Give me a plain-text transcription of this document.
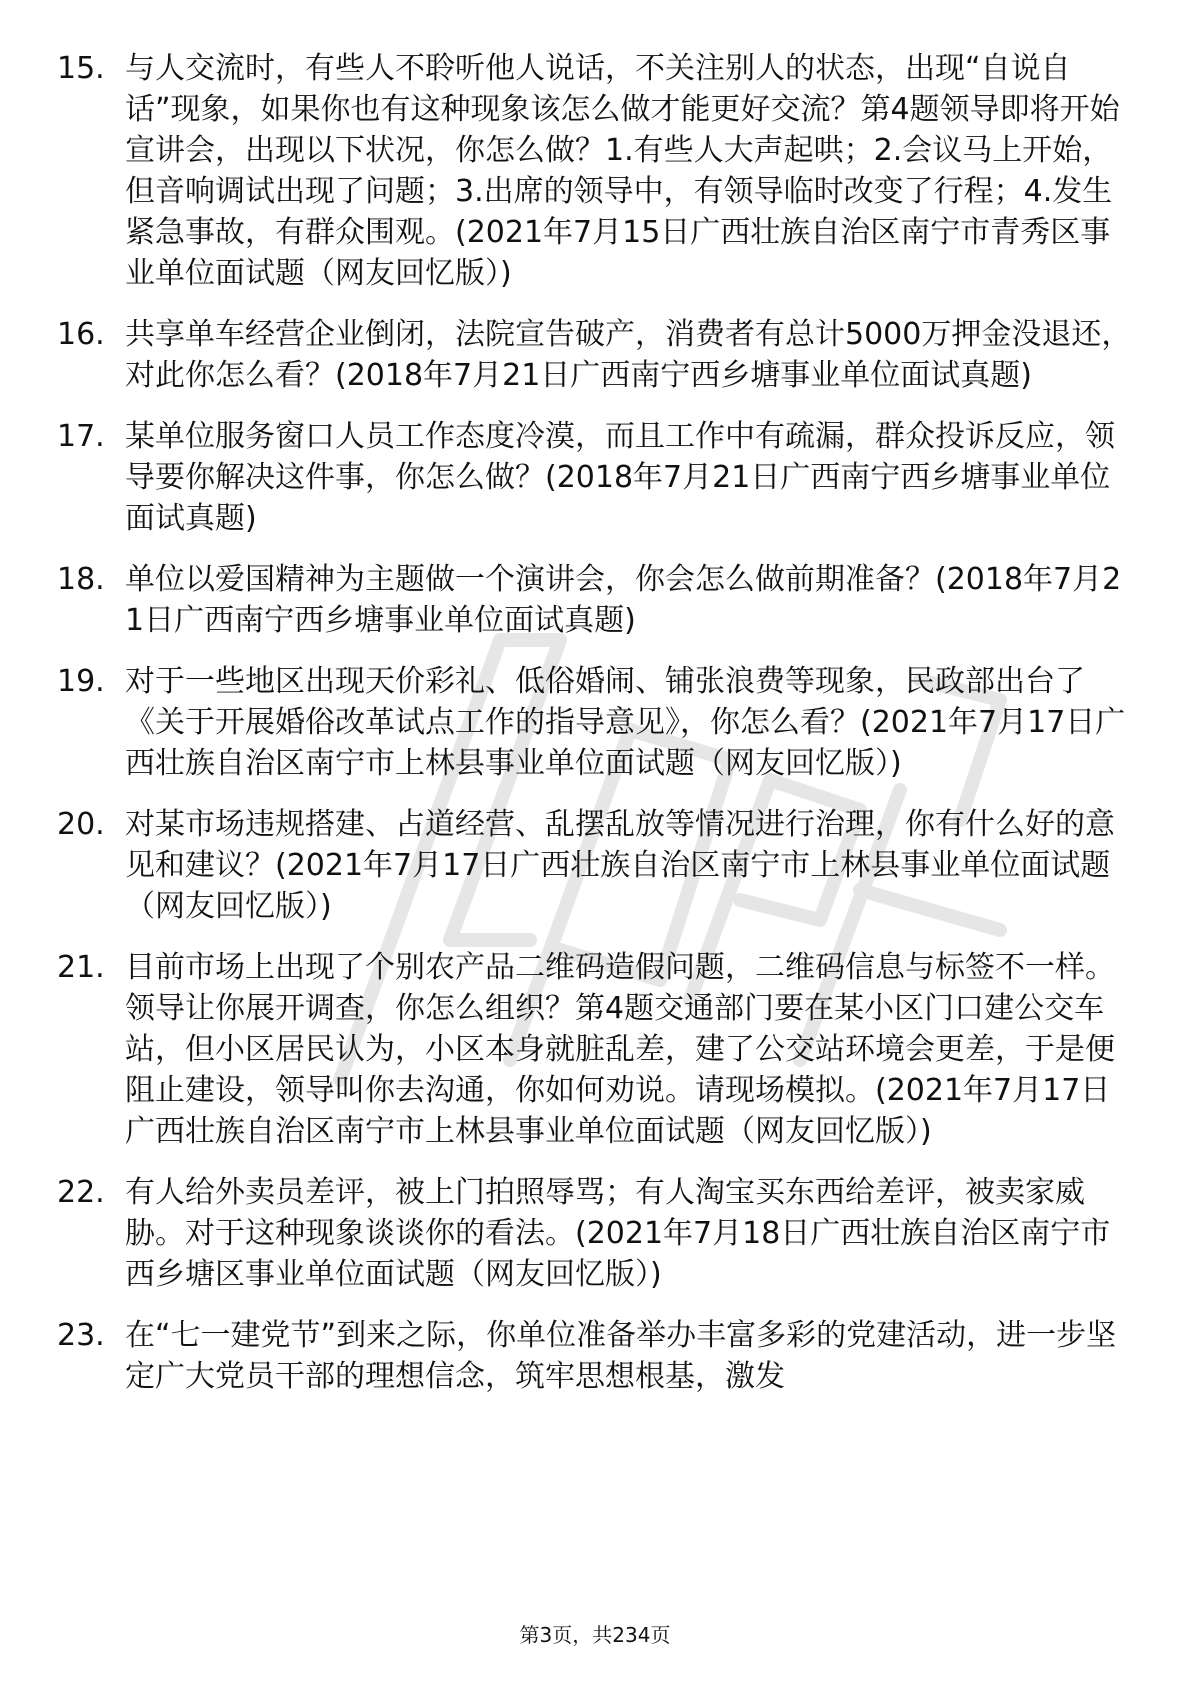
15. 与人交流时，有些人不聆听他人说话，不关注别人的状态，出现“自说自话”现象，如果你也有这种现象该怎么做才能更好交流？第4题领导即将开始宣讲会，出现以下状况，你怎么做？1.有些人大声起哄；2.会议马上开始，但音响调试出现了问题；3.出席的领导中，有领导临时改变了行程；4.发生紧急事故，有群众围观。(2021年7月15日广西壮族自治区南宁市青秀区事业单位面试题（网友回忆版）)
16. 共享单车经营企业倒闭，法院宣告破产，消费者有总计5000万押金没退还，对此你怎么看？(2018年7月21日广西南宁西乡塘事业单位面试真题)
17. 某单位服务窗口人员工作态度冷漠，而且工作中有疏漏，群众投诉反应，领导要你解决这件事，你怎么做？(2018年7月21日广西南宁西乡塘事业单位面试真题)
18. 单位以爱国精神为主题做一个演讲会，你会怎么做前期准备？(2018年7月21日广西南宁西乡塘事业单位面试真题)
19. 对于一些地区出现天价彩礼、低俗婚闹、铺张浪费等现象，民政部出台了《关于开展婚俗改革试点工作的指导意见》，你怎么看？(2021年7月17日广西壮族自治区南宁市上林县事业单位面试题（网友回忆版）)
20. 对某市场违规搭建、占道经营、乱摆乱放等情况进行治理，你有什么好的意见和建议？(2021年7月17日广西壮族自治区南宁市上林县事业单位面试题（网友回忆版）)
21. 目前市场上出现了个别农产品二维码造假问题，二维码信息与标签不一样。领导让你展开调查，你怎么组织？第4题交通部门要在某小区门口建公交车站，但小区居民认为，小区本身就脏乱差，建了公交站环境会更差，于是便阻止建设，领导叫你去沟通，你如何劝说。请现场模拟。(2021年7月17日广西壮族自治区南宁市上林县事业单位面试题（网友回忆版）)
22. 有人给外卖员差评，被上门拍照辱骂；有人淘宝买东西给差评，被卖家威胁。对于这种现象谈谈你的看法。(2021年7月18日广西壮族自治区南宁市西乡塘区事业单位面试题（网友回忆版）)
23. 在“七一建党节”到来之际，你单位准备举办丰富多彩的党建活动，进一步坚定广大党员干部的理想信念，筑牢思想根基，激发
第3页，共234页
